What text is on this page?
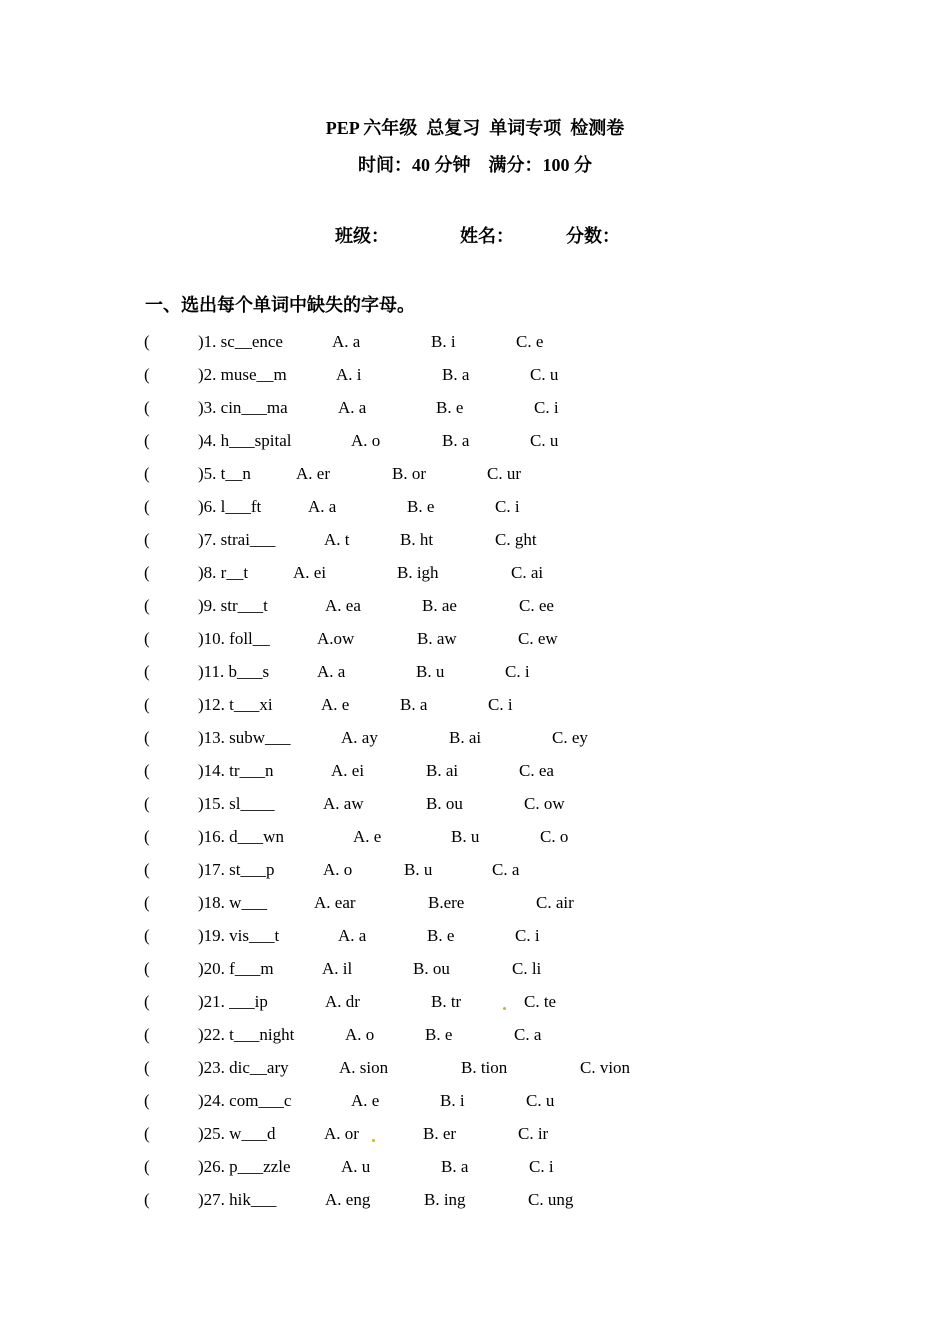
PEP 六年级  总复习  单词专项  检测卷
时间：40 分钟    满分：100 分
班级：	姓名：	分数：
一、选出每个单词中缺失的字母。
(	)1. sc__ence	A. a	B. i	C. e
(	)2. muse__m	A. i	B. a	C. u
(	)3. cin___ma	A. a	B. e	C. i
(	)4. h___spital	A. o	B. a	C. u
(	)5. t__n	A. er	B. or	C. ur
(	)6. l___ft	A. a	B. e	C. i
(	)7. strai___	A. t	B. ht	C. ght
(	)8. r__t	A. ei	B. igh	C. ai
(	)9. str___t	A. ea	B. ae	C. ee
(	)10. foll__	A.ow	B. aw	C. ew
(	)11. b___s	A. a	B. u	C. i
(	)12. t___xi	A. e	B. a	C. i
(	)13. subw___	A. ay	B. ai	C. ey
(	)14. tr___n	A. ei	B. ai	C. ea
(	)15. sl____	A. aw	B. ou	C. ow
(	)16. d___wn	A. e	B. u	C. o
(	)17. st___p	A. o	B. u	C. a
(	)18. w___	A. ear	B.ere	C. air
(	)19. vis___t	A. a	B. e	C. i
(	)20. f___m	A. il	B. ou	C. li
(	)21. ___ip	A. dr	B. tr	C. te
(	)22. t___night	A. o	B. e	C. a
(	)23. dic__ary	A. sion	B. tion	C. vion
(	)24. com___c	A. e	B. i	C. u
(	)25. w___d	A. or	B. er	C. ir
(	)26. p___zzle	A. u	B. a	C. i
(	)27. hik___	A. eng	B. ing	C. ung
